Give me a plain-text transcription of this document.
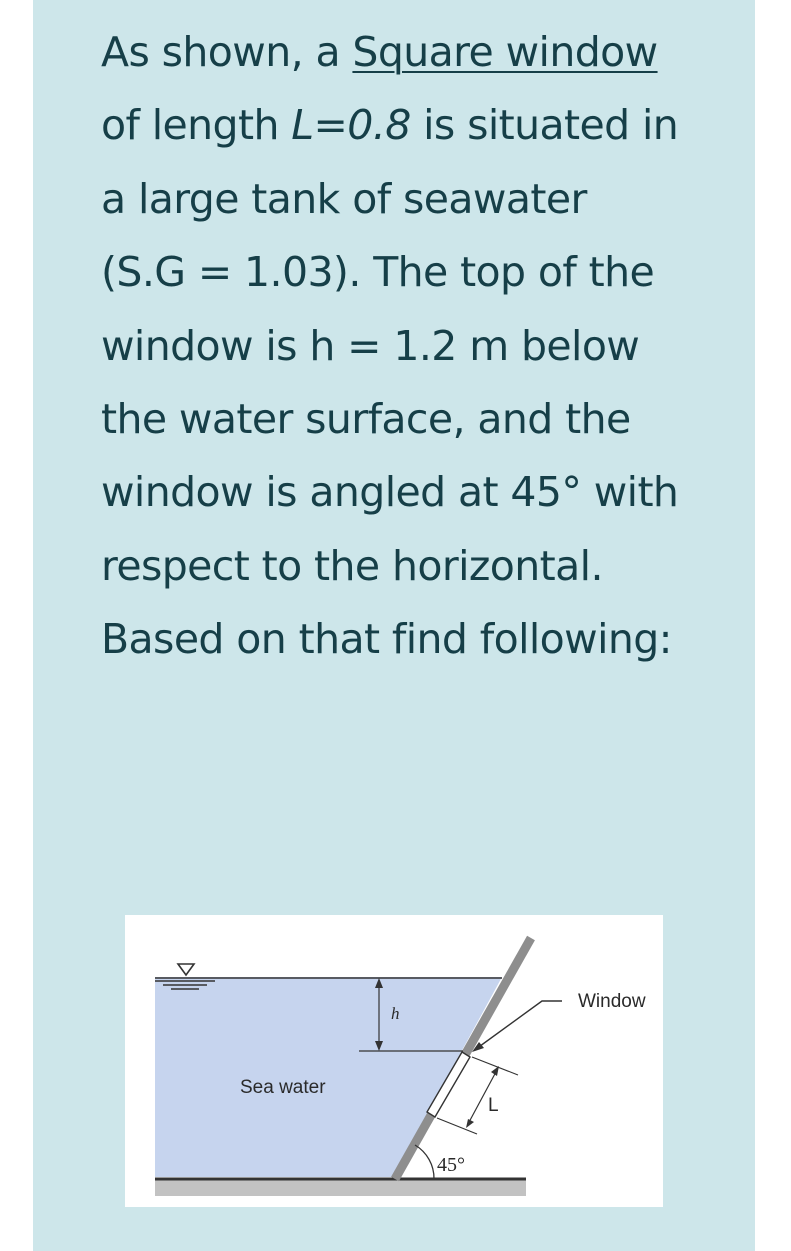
As shown, a Square window of length L=0.8 is situated in a large tank of seawater (S.G = 1.03). The top of the window is h = 1.2 m below the water surface, and the window is angled at 45° with respect to the horizontal. Based on that find following:

h
L
Window
45°
Sea water
